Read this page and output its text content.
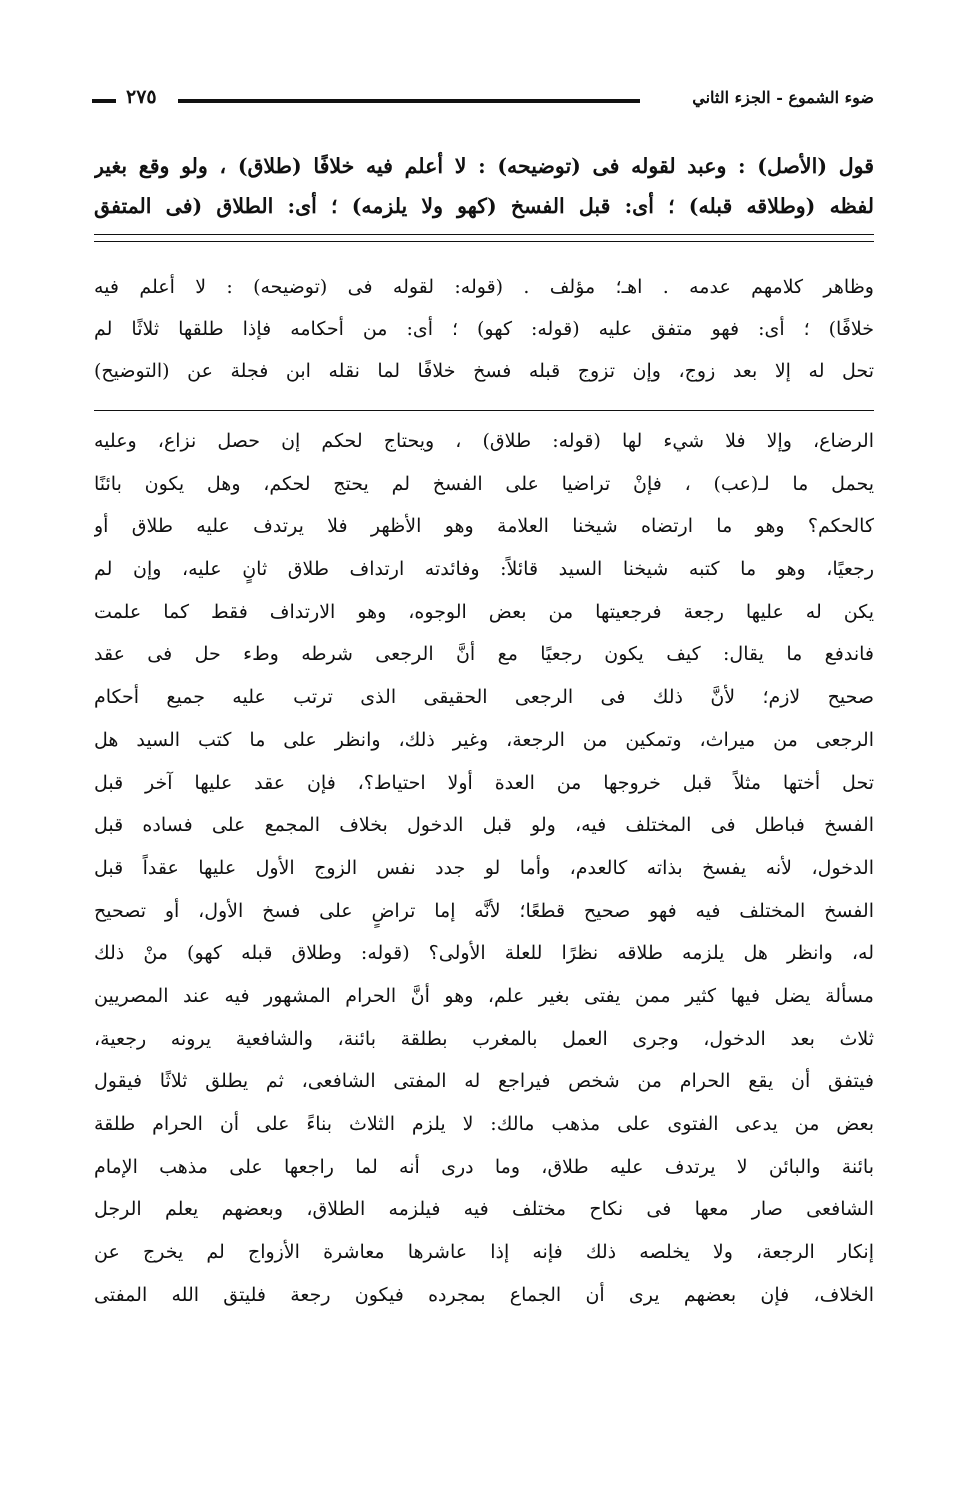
ضوء الشموع - الجزء الثاني
٢٧٥
قول (الأصل) : وعبد لقوله فى (توضيحه) : لا أعلم فيه خلافًا (طلاق) ، ولو وقع بغير
لفظه (وطلاقه قبله) ؛ أى: قبل الفسخ (كهو ولا يلزمه) ؛ أى: الطلاق (فى المتفق
وظاهر كلامهم عدمه . اهـ؛ مؤلف . (قوله: لقوله فى (توضيحه) : لا أعلم فيه
خلافًا) ؛ أى: فهو متفق عليه (قوله: كهو) ؛ أى: من أحكامه فإذا طلقها ثلاثًا لم
تحل له إلا بعد زوج، وإن تزوج قبله فسخ خلافًا لما نقله ابن فجلة عن (التوضيح)
الرضاع، وإلا فلا شيء لها (قوله: طلاق) ، ويحتاج لحكم إن حصل نزاع، وعليه
يحمل ما لـ(عب) ، فإنْ تراضيا على الفسخ لم يحتج لحكم، وهل يكون بائنًا
كالحكم؟ وهو ما ارتضاه شيخنا العلامة وهو الأظهر فلا يرتدف عليه طلاق أو
رجعيًا، وهو ما كتبه شيخنا السيد قائلاً: وفائدته ارتداف طلاق ثانٍ عليه، وإن لم
يكن له عليها رجعة فرجعيتها من بعض الوجوه، وهو الارتداف فقط كما علمت
فاندفع ما يقال: كيف يكون رجعيًا مع أنَّ الرجعى شرطه وطء حل فى عقد
صحيح لازم؛ لأنَّ ذلك فى الرجعى الحقيقى الذى ترتب عليه جميع أحكام
الرجعى من ميراث، وتمكين من الرجعة، وغير ذلك، وانظر على ما كتب السيد هل
تحل أختها مثلاً قبل خروجها من العدة أولا احتياط؟، فإن عقد عليها آخر قبل
الفسخ فباطل فى المختلف فيه، ولو قبل الدخول بخلاف المجمع على فساده قبل
الدخول، لأنه يفسخ بذاته كالعدم، وأما لو جدد نفس الزوج الأول عليها عقداً قبل
الفسخ المختلف فيه فهو صحيح قطعًا؛ لأنَّه إما تراضٍ على فسخ الأول، أو تصحيح
له، وانظر هل يلزمه طلاقه نظرًا للعلة الأولى؟ (قوله: وطلاق قبله كهو) منْ ذلك
مسألة يضل فيها كثير ممن يفتى بغير علم، وهو أنَّ الحرام المشهور فيه عند المصريين
ثلاث بعد الدخول، وجرى العمل بالمغرب بطلقة بائنة، والشافعية يرونه رجعية،
فيتفق أن يقع الحرام من شخص فيراجع له المفتى الشافعى، ثم يطلق ثلاثًا فيقول
بعض من يدعى الفتوى على مذهب مالك: لا يلزم الثلاث بناءً على أن الحرام طلقة
بائنة والبائن لا يرتدف عليه طلاق، وما درى أنه لما راجعها على مذهب الإمام
الشافعى صار معها فى نكاح مختلف فيه فيلزمه الطلاق، وبعضهم يعلم الرجل
إنكار الرجعة، ولا يخلصه ذلك فإنه إذا عاشرها معاشرة الأزواج لم يخرج عن
الخلاف، فإن بعضهم يرى أن الجماع بمجرده فيكون رجعة فليتق الله المفتى
